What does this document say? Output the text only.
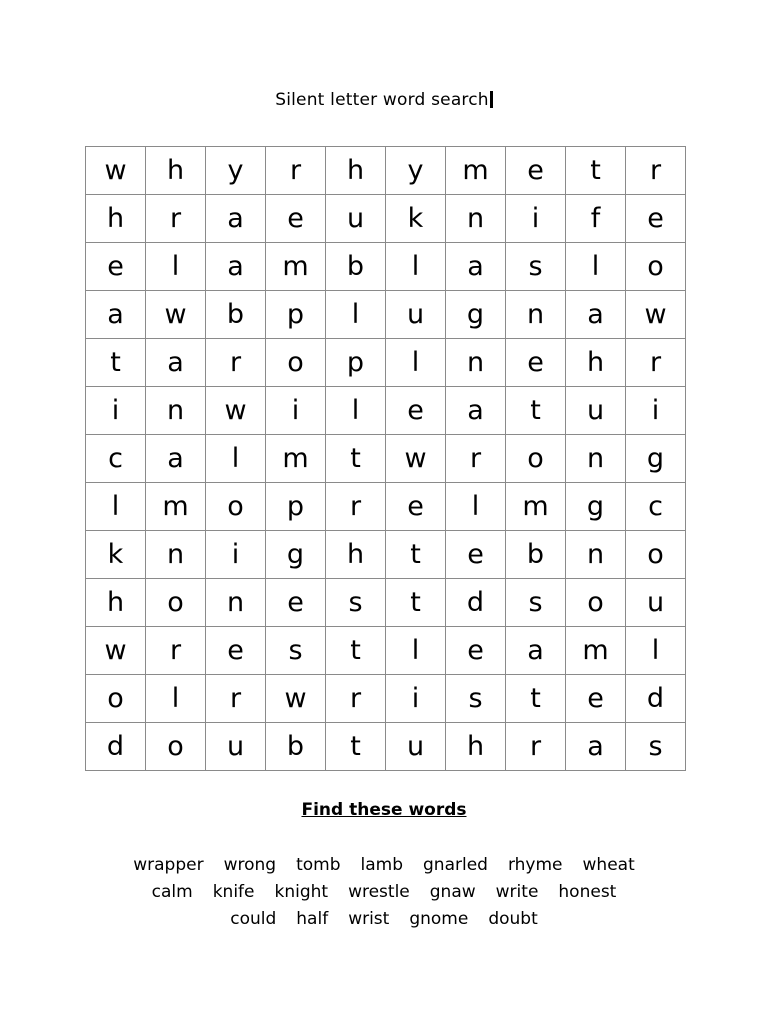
Silent letter word search
w	h	y	r	h	y	m	e	t	r
h	r	a	e	u	k	n	i	f	e
e	l	a	m	b	l	a	s	l	o
a	w	b	p	l	u	g	n	a	w
t	a	r	o	p	l	n	e	h	r
i	n	w	i	l	e	a	t	u	i
c	a	l	m	t	w	r	o	n	g
l	m	o	p	r	e	l	m	g	c
k	n	i	g	h	t	e	b	n	o
h	o	n	e	s	t	d	s	o	u
w	r	e	s	t	l	e	a	m	l
o	l	r	w	r	i	s	t	e	d
d	o	u	b	t	u	h	r	a	s
Find these words
wrapper wrong tomb lamb gnarled rhyme wheat
calm knife knight wrestle gnaw write honest
could half wrist gnome doubt
